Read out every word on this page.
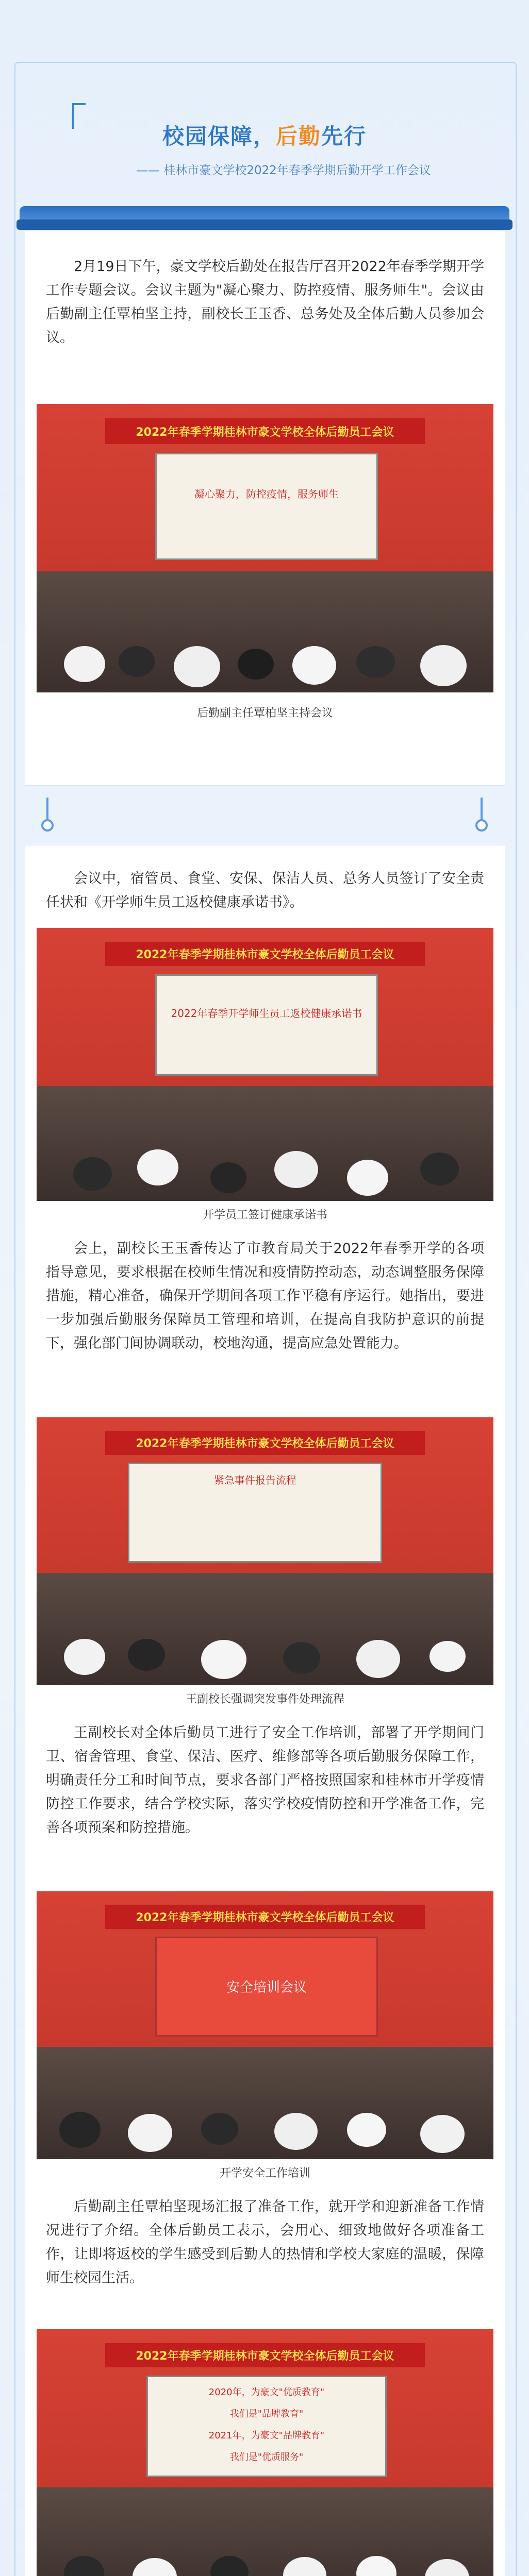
校园保障，后勤先行
—— 桂林市豪文学校2022年春季学期后勤开学工作会议
2月19日下午，豪文学校后勤处在报告厅召开2022年春季学期开学工作专题会议。会议主题为"凝心聚力、防控疫情、服务师生"。会议由后勤副主任覃柏坚主持，副校长王玉香、总务处及全体后勤人员参加会议。
2022年春季学期桂林市豪文学校全体后勤员工会议
凝心聚力，防控疫情，服务师生
后勤副主任覃柏坚主持会议
会议中，宿管员、食堂、安保、保洁人员、总务人员签订了安全责任状和《开学师生员工返校健康承诺书》。
2022年春季学期桂林市豪文学校全体后勤员工会议
2022年春季开学师生员工返校健康承诺书
开学员工签订健康承诺书
会上，副校长王玉香传达了市教育局关于2022年春季开学的各项指导意见，要求根据在校师生情况和疫情防控动态，动态调整服务保障措施，精心准备，确保开学期间各项工作平稳有序运行。她指出，要进一步加强后勤服务保障员工管理和培训，在提高自我防护意识的前提下，强化部门间协调联动，校地沟通，提高应急处置能力。
2022年春季学期桂林市豪文学校全体后勤员工会议
紧急事件报告流程
王副校长强调突发事件处理流程
王副校长对全体后勤员工进行了安全工作培训，部署了开学期间门卫、宿舍管理、食堂、保洁、医疗、维修部等各项后勤服务保障工作，明确责任分工和时间节点，要求各部门严格按照国家和桂林市开学疫情防控工作要求，结合学校实际，落实学校疫情防控和开学准备工作，完善各项预案和防控措施。
2022年春季学期桂林市豪文学校全体后勤员工会议
安全培训会议
开学安全工作培训
后勤副主任覃柏坚现场汇报了准备工作，就开学和迎新准备工作情况进行了介绍。全体后勤员工表示，会用心、细致地做好各项准备工作，让即将返校的学生感受到后勤人的热情和学校大家庭的温暖，保障师生校园生活。
2022年春季学期桂林市豪文学校全体后勤员工会议
2020年，为豪文"优质教育"
我们是"品牌教育"
2021年，为豪文"品牌教育"
我们是"优质服务"
